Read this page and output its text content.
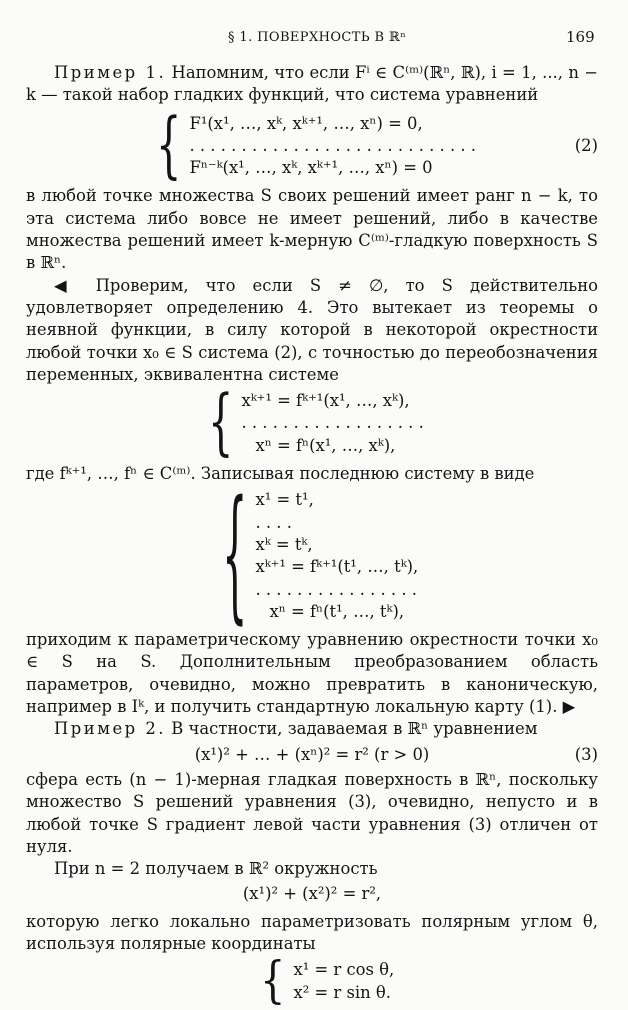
§ 1. ПОВЕРХНОСТЬ В ℝⁿ	169

Пример 1. Напомним, что если Fⁱ ∈ C⁽ᵐ⁾(ℝⁿ, ℝ), i = 1, ..., n − k — такой набор гладких функций, что система уравнений

{ F¹(x¹, …, xᵏ, xᵏ⁺¹, …, xⁿ) = 0,
. . . . . . . . . . . . . . . . . . . . . . . . . . . .
Fⁿ⁻ᵏ(x¹, …, xᵏ, xᵏ⁺¹, …, xⁿ) = 0
(2)

в любой точке множества S своих решений имеет ранг n − k, то эта система либо вовсе не имеет решений, либо в качестве множества решений имеет k-мерную C⁽ᵐ⁾-гладкую поверхность S в ℝⁿ.

◀ Проверим, что если S ≠ ∅, то S действительно удовлетворяет определению 4. Это вытекает из теоремы о неявной функции, в силу которой в некоторой окрестности любой точки x₀ ∈ S система (2), с точностью до переобозначения переменных, эквивалентна системе

{ xᵏ⁺¹ = fᵏ⁺¹(x¹, …, xᵏ),
. . . . . . . . . . . . . . . . . .
xⁿ = fⁿ(x¹, …, xᵏ),

где fᵏ⁺¹, …, fⁿ ∈ C⁽ᵐ⁾. Записывая последнюю систему в виде

{ x¹ = t¹,
. . . .
xᵏ = tᵏ,
xᵏ⁺¹ = fᵏ⁺¹(t¹, …, tᵏ),
. . . . . . . . . . . . . . . .
xⁿ = fⁿ(t¹, …, tᵏ),

приходим к параметрическому уравнению окрестности точки x₀ ∈ S на S. Дополнительным преобразованием область параметров, очевидно, можно превратить в каноническую, например в Iᵏ, и получить стандартную локальную карту (1). ▶

Пример 2. В частности, задаваемая в ℝⁿ уравнением

(x¹)² + … + (xⁿ)² = r² (r > 0)	(3)

сфера есть (n − 1)-мерная гладкая поверхность в ℝⁿ, поскольку множество S решений уравнения (3), очевидно, непусто и в любой точке S градиент левой части уравнения (3) отличен от нуля.

При n = 2 получаем в ℝ² окружность

(x¹)² + (x²)² = r²,

которую легко локально параметризовать полярным углом θ, используя полярные координаты

{ x¹ = r cos θ,
x² = r sin θ.
